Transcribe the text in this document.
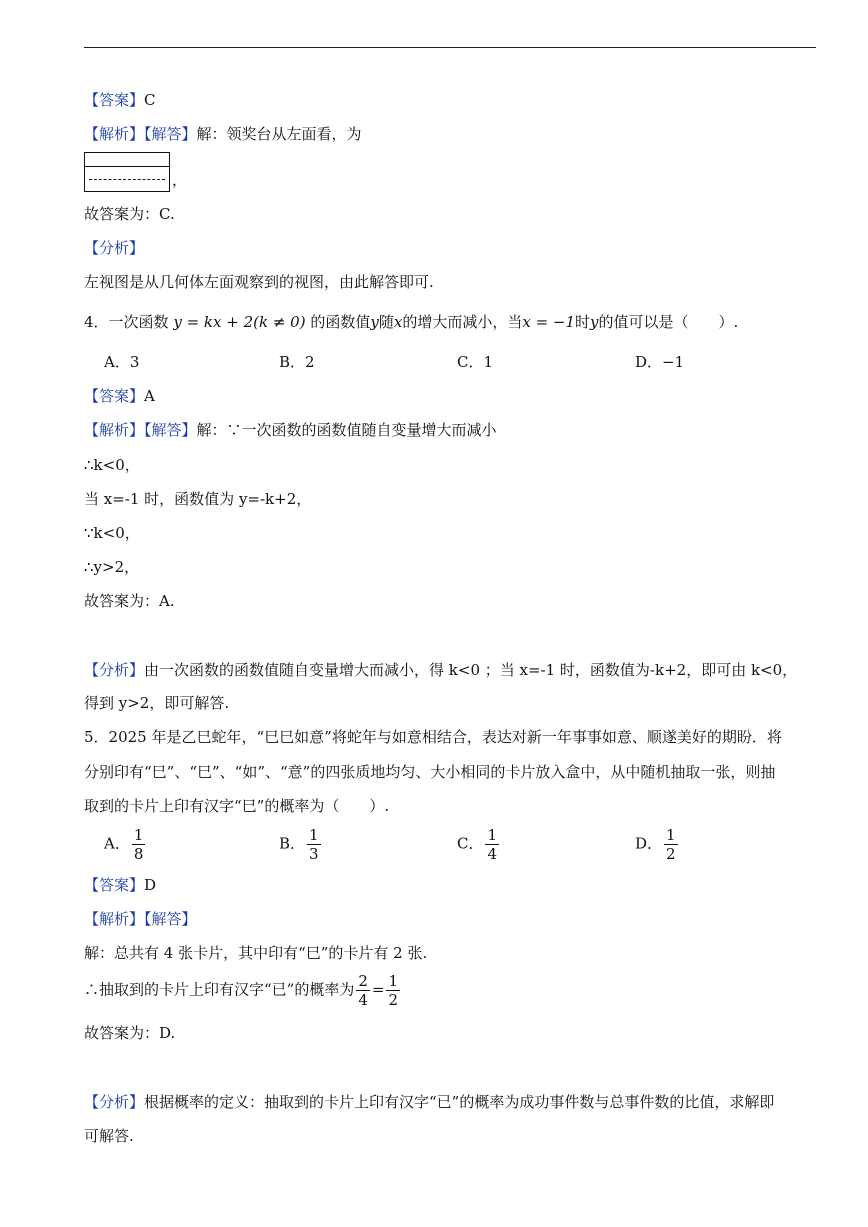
【答案】C
【解析】【解答】解：领奖台从左面看，为
，
故答案为：C.
【分析】
左视图是从几何体左面观察到的视图，由此解答即可.
4．一次函数 y = kx + 2(k ≠ 0) 的函数值y随x的增大而减小，当x = −1时y的值可以是（　　）.
A．3	B．2	C．1	D．−1
【答案】A
【解析】【解答】解：∵一次函数的函数值随自变量增大而减小
∴k<0，
当 x=-1 时，函数值为 y=-k+2，
∵k<0，
∴y>2，
故答案为：A.
【分析】由一次函数的函数值随自变量增大而减小，得 k<0 ；当 x=-1 时，函数值为-k+2，即可由 k<0，
得到 y>2，即可解答.
5．2025 年是乙巳蛇年，“巳巳如意”将蛇年与如意相结合，表达对新一年事事如意、顺遂美好的期盼．将
分别印有“巳”、“巳”、“如”、“意”的四张质地均匀、大小相同的卡片放入盒中，从中随机抽取一张，则抽
取到的卡片上印有汉字“巳”的概率为（　　）.
A． $\frac{1}{8}$	B． $\frac{1}{3}$	C． $\frac{1}{4}$	D． $\frac{1}{2}$
【答案】D
【解析】【解答】
解：总共有 4 张卡片，其中印有“巳”的卡片有 2 张.
∴抽取到的卡片上印有汉字“已”的概率为 $\frac{2}{4} = \frac{1}{2}$
故答案为：D.
【分析】根据概率的定义：抽取到的卡片上印有汉字“已”的概率为成功事件数与总事件数的比值，求解即
可解答.
